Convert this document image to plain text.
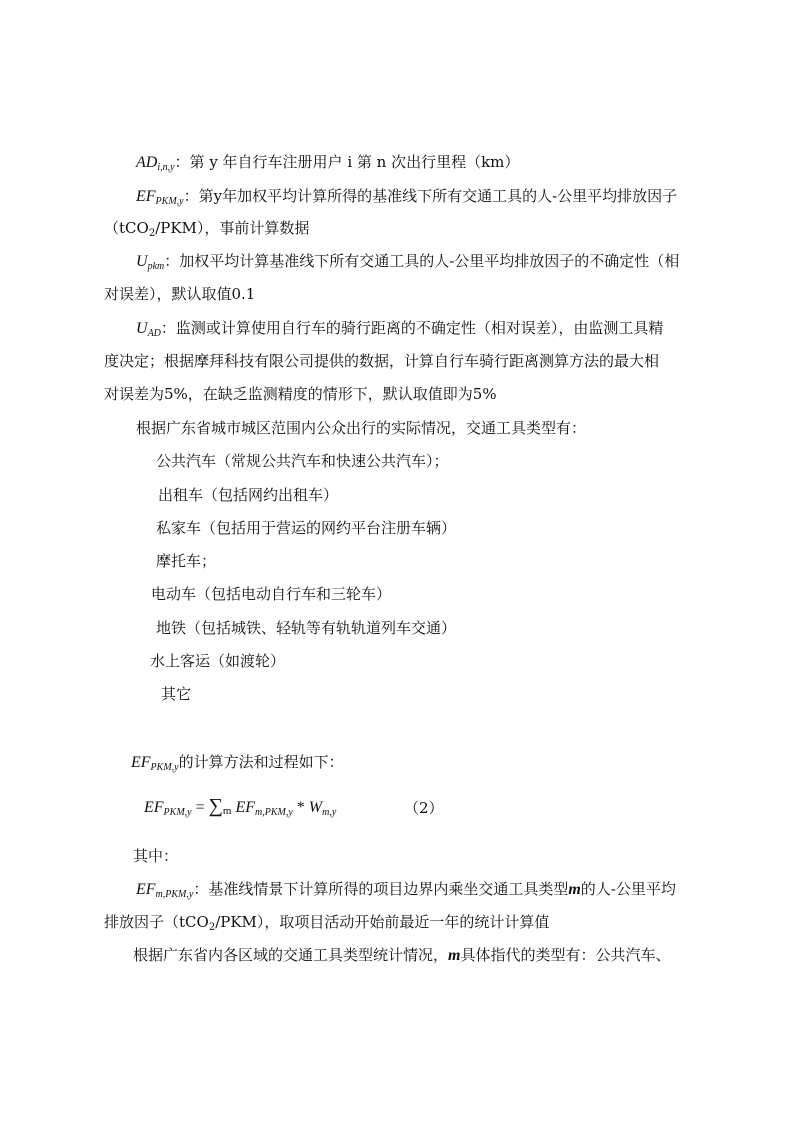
$AD_{i,n,y}$：第 y 年自行车注册用户 i 第 n 次出行里程（km）
$EF_{PKM,y}$：第y年加权平均计算所得的基准线下所有交通工具的人-公里平均排放因子
（tCO$_2$/PKM），事前计算数据
$U_{pkm}$：加权平均计算基准线下所有交通工具的人-公里平均排放因子的不确定性（相
对误差），默认取值0.1
$U_{AD}$：监测或计算使用自行车的骑行距离的不确定性（相对误差），由监测工具精
度决定；根据摩拜科技有限公司提供的数据，计算自行车骑行距离测算方法的最大相
对误差为5%，在缺乏监测精度的情形下，默认取值即为5%
根据广东省城市城区范围内公众出行的实际情况，交通工具类型有：
公共汽车（常规公共汽车和快速公共汽车）；
出租车（包括网约出租车）
私家车（包括用于营运的网约平台注册车辆）
摩托车；
电动车（包括电动自行车和三轮车）
地铁（包括城铁、轻轨等有轨轨道列车交通）
水上客运（如渡轮）
其它
$EF_{PKM,y}$的计算方法和过程如下：
$EF_{PKM,y} = \sum m$ $EF_{m,PKM,y} * W_{m,y}$	（2）
其中：
$EF_{m,PKM,y}$：基准线情景下计算所得的项目边界内乘坐交通工具类型m的人-公里平均
排放因子（tCO$_2$/PKM），取项目活动开始前最近一年的统计计算值
根据广东省内各区域的交通工具类型统计情况，m具体指代的类型有：公共汽车、
